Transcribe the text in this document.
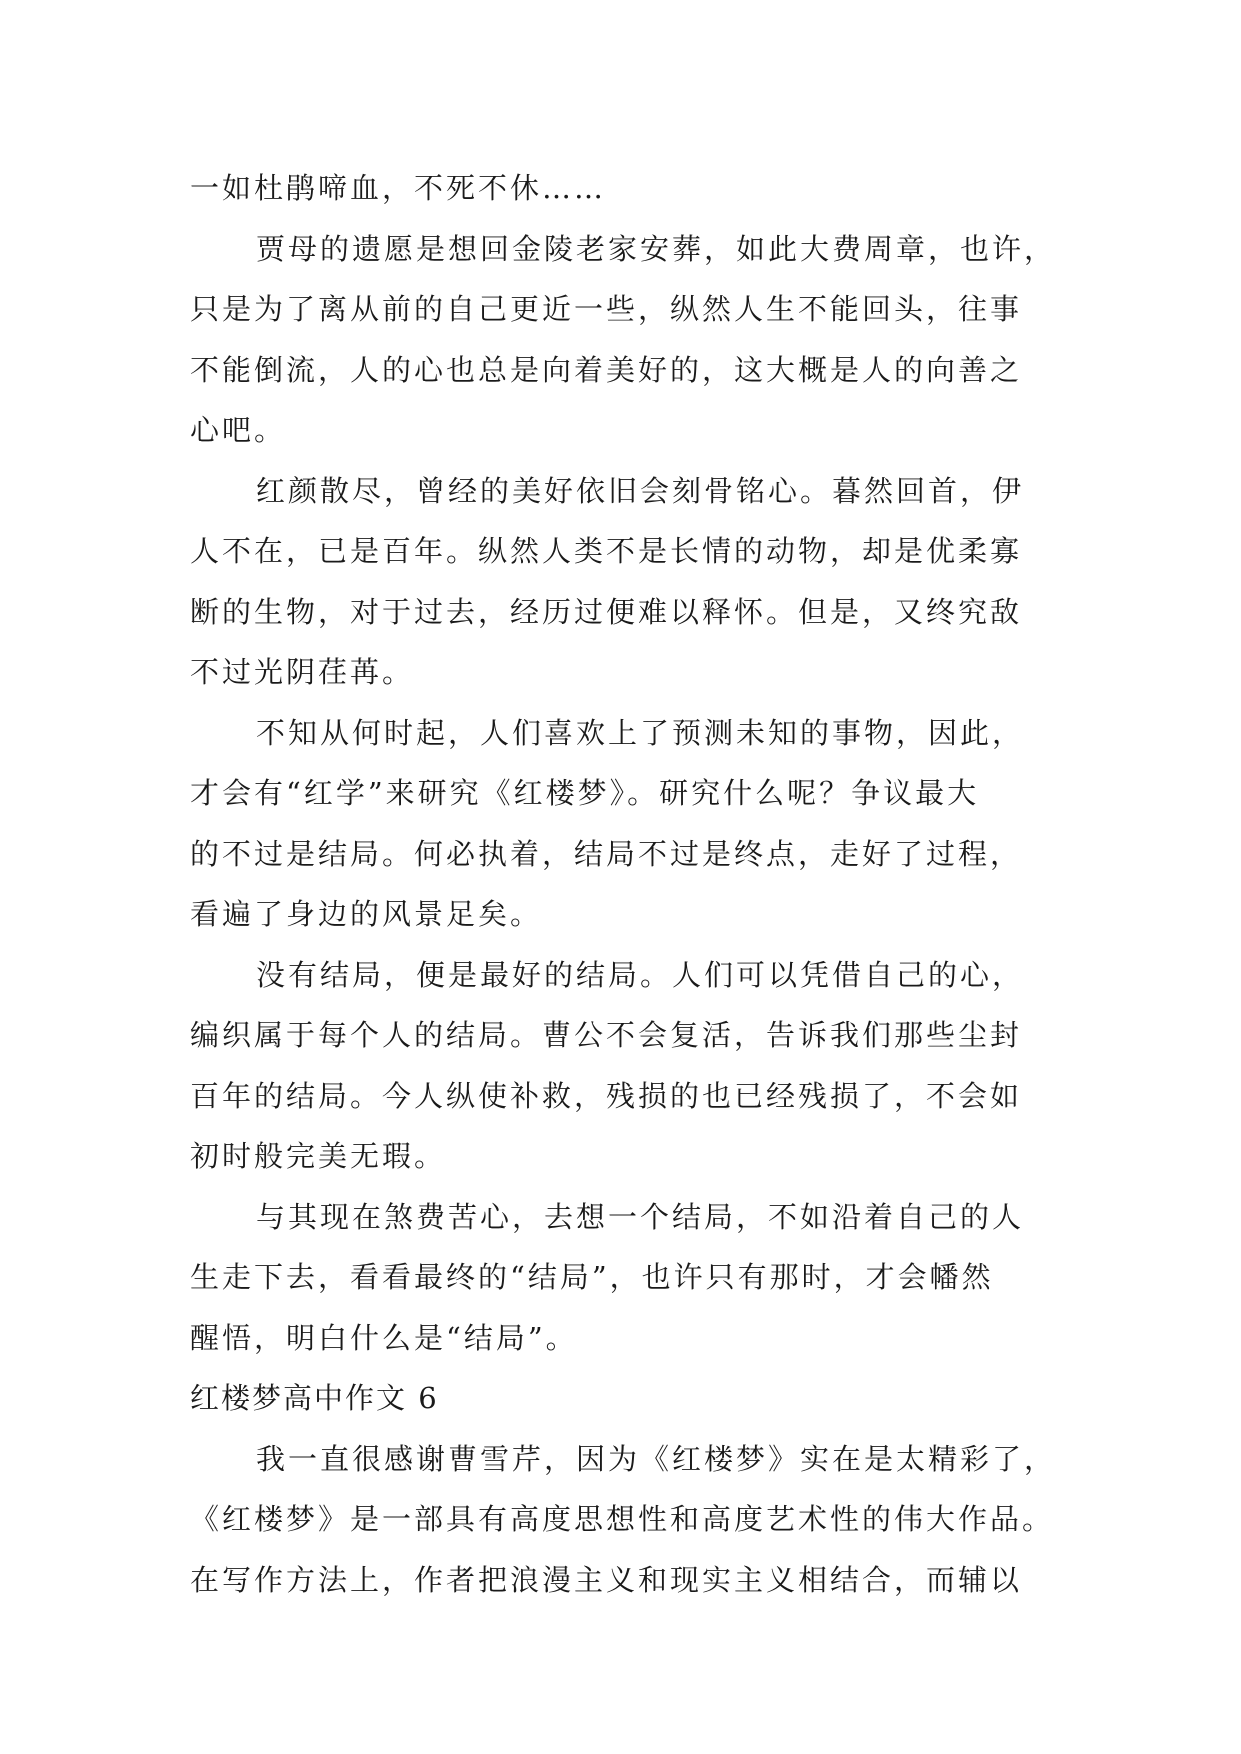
一如杜鹃啼血，不死不休……
贾母的遗愿是想回金陵老家安葬，如此大费周章，也许，
只是为了离从前的自己更近一些，纵然人生不能回头，往事
不能倒流，人的心也总是向着美好的，这大概是人的向善之
心吧。
红颜散尽，曾经的美好依旧会刻骨铭心。暮然回首，伊
人不在，已是百年。纵然人类不是长情的动物，却是优柔寡
断的生物，对于过去，经历过便难以释怀。但是，又终究敌
不过光阴荏苒。
不知从何时起，人们喜欢上了预测未知的事物，因此，
才会有“红学”来研究《红楼梦》。研究什么呢？争议最大
的不过是结局。何必执着，结局不过是终点，走好了过程，
看遍了身边的风景足矣。
没有结局，便是最好的结局。人们可以凭借自己的心，
编织属于每个人的结局。曹公不会复活，告诉我们那些尘封
百年的结局。今人纵使补救，残损的也已经残损了，不会如
初时般完美无瑕。
与其现在煞费苦心，去想一个结局，不如沿着自己的人
生走下去，看看最终的“结局”，也许只有那时，才会幡然
醒悟，明白什么是“结局”。
红楼梦高中作文 6
我一直很感谢曹雪芹，因为《红楼梦》实在是太精彩了，
《红楼梦》是一部具有高度思想性和高度艺术性的伟大作品。
在写作方法上，作者把浪漫主义和现实主义相结合，而辅以
